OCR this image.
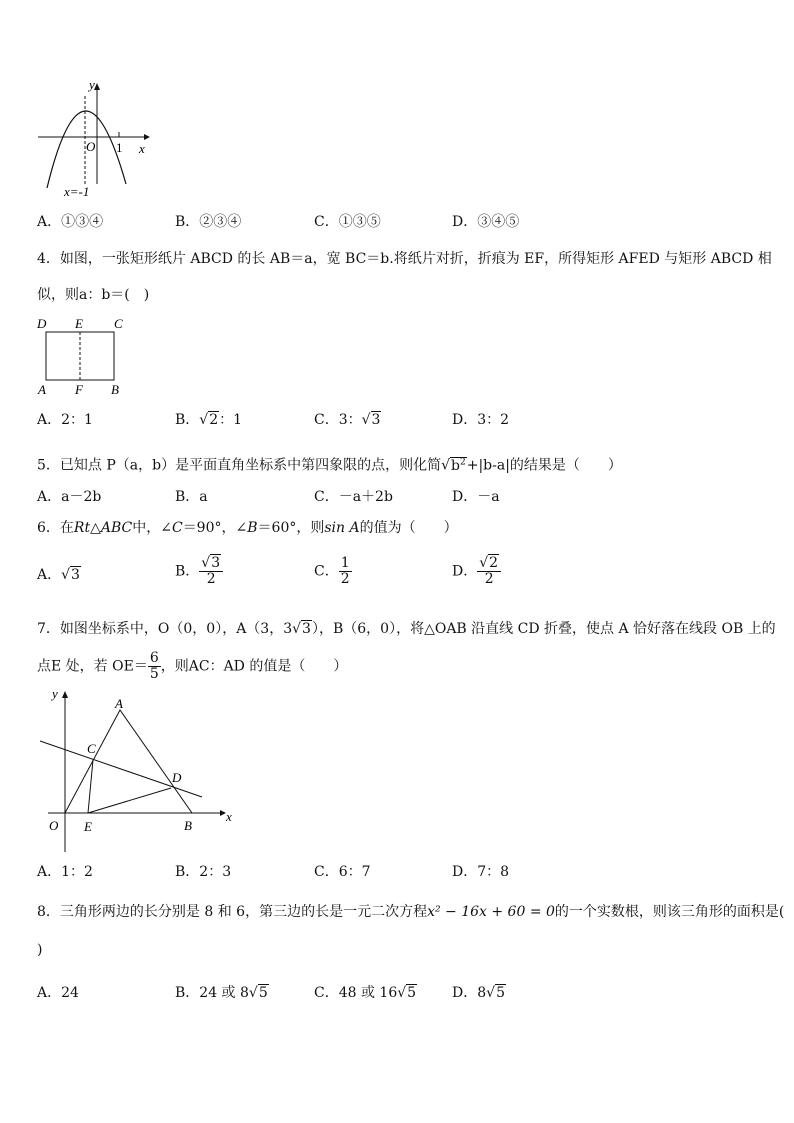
y
x
O 1
x=-1
A．①③④	B．②③④	C．①③⑤	D．③④⑤
4．如图，一张矩形纸片 ABCD 的长 AB＝a，宽 BC＝b.将纸片对折，折痕为 EF，所得矩形 AFED 与矩形 ABCD 相
似，则a：b＝(　)
D E C
A F B
A．2：1	B．√2：1	C．3：√3	D．3：2
5．已知点 P（a，b）是平面直角坐标系中第四象限的点，则化简$√b^2+|b-a|$的结果是（　　）
A．a－2b	B．a	C．－a＋2b	D．－a
6．在Rt△ABC中，∠C＝90°，∠B＝60°，则sin A的值为（　　）
A．√3	B． $\frac{√3}{2}$	C． $\frac{1}{2}$	D． $\frac{√2}{2}$
7．如图坐标系中，O（0，0），A（3，3√3），B（6，0），将△OAB 沿直线 CD 折叠，使点 A 恰好落在线段 OB 上的
点E 处，若 $OE= \frac{6}{5}$ ，则AC：AD 的值是（　　）
y
x
A
C
D
O E	B
A．1：2	B．2：3	C．6：7	D．7：8
8．三角形两边的长分别是 8 和 6，第三边的长是一元二次方程x² − 16x + 60 = 0的一个实数根，则该三角形的面积是(
)
A．24	B．24 或 8√5	C．48 或 16√5	D．8√5
